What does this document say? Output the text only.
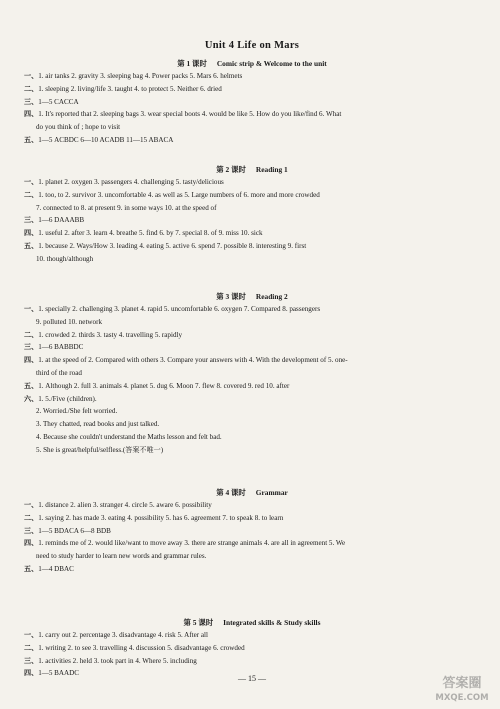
Unit 4 Life on Mars
第 1 课时 Comic strip & Welcome to the unit
一、1. air tanks 2. gravity 3. sleeping bag 4. Power packs 5. Mars 6. helmets
二、1. sleeping 2. living/life 3. taught 4. to protect 5. Neither 6. dried
三、1—5 CACCA
四、1. It's reported that 2. sleeping bags 3. wear special boots 4. would be like 5. How do you like/find 6. What
do you think of ; hope to visit
五、1—5 ACBDC 6—10 ACADB 11—15 ABACA
第 2 课时 Reading 1
一、1. planet 2. oxygen 3. passengers 4. challenging 5. tasty/delicious
二、1. too, to 2. survivor 3. uncomfortable 4. as well as 5. Large numbers of 6. more and more crowded
7. connected to 8. at present 9. in some ways 10. at the speed of
三、1—6 DAAABB
四、1. useful 2. after 3. learn 4. breathe 5. find 6. by 7. special 8. of 9. miss 10. sick
五、1. because 2. Ways/How 3. leading 4. eating 5. active 6. spend 7. possible 8. interesting 9. first
10. though/although
第 3 课时 Reading 2
一、1. specially 2. challenging 3. planet 4. rapid 5. uncomfortable 6. oxygen 7. Compared 8. passengers
9. polluted 10. network
二、1. crowded 2. thirds 3. tasty 4. travelling 5. rapidly
三、1—6 BABBDC
四、1. at the speed of 2. Compared with others 3. Compare your answers with 4. With the development of 5. one-
third of the road
五、1. Although 2. full 3. animals 4. planet 5. dug 6. Moon 7. flew 8. covered 9. red 10. after
六、1. 5./Five (children).
2. Worried./She felt worried.
3. They chatted, read books and just talked.
4. Because she couldn't understand the Maths lesson and felt bad.
5. She is great/helpful/selfless.(答案不唯一)
第 4 课时 Grammar
一、1. distance 2. alien 3. stranger 4. circle 5. aware 6. possibility
二、1. saying 2. has made 3. eating 4. possibility 5. has 6. agreement 7. to speak 8. to learn
三、1—5 BDACA 6—8 BDB
四、1. reminds me of 2. would like/want to move away 3. there are strange animals 4. are all in agreement 5. We
need to study harder to learn new words and grammar rules.
五、1—4 DBAC
第 5 课时 Integrated skills & Study skills
一、1. carry out 2. percentage 3. disadvantage 4. risk 5. After all
二、1. writing 2. to see 3. travelling 4. discussion 5. disadvantage 6. crowded
三、1. activities 2. held 3. took part in 4. Where 5. including
四、1—5 BAADC
— 15 —	答案圈
MXQE.COM
